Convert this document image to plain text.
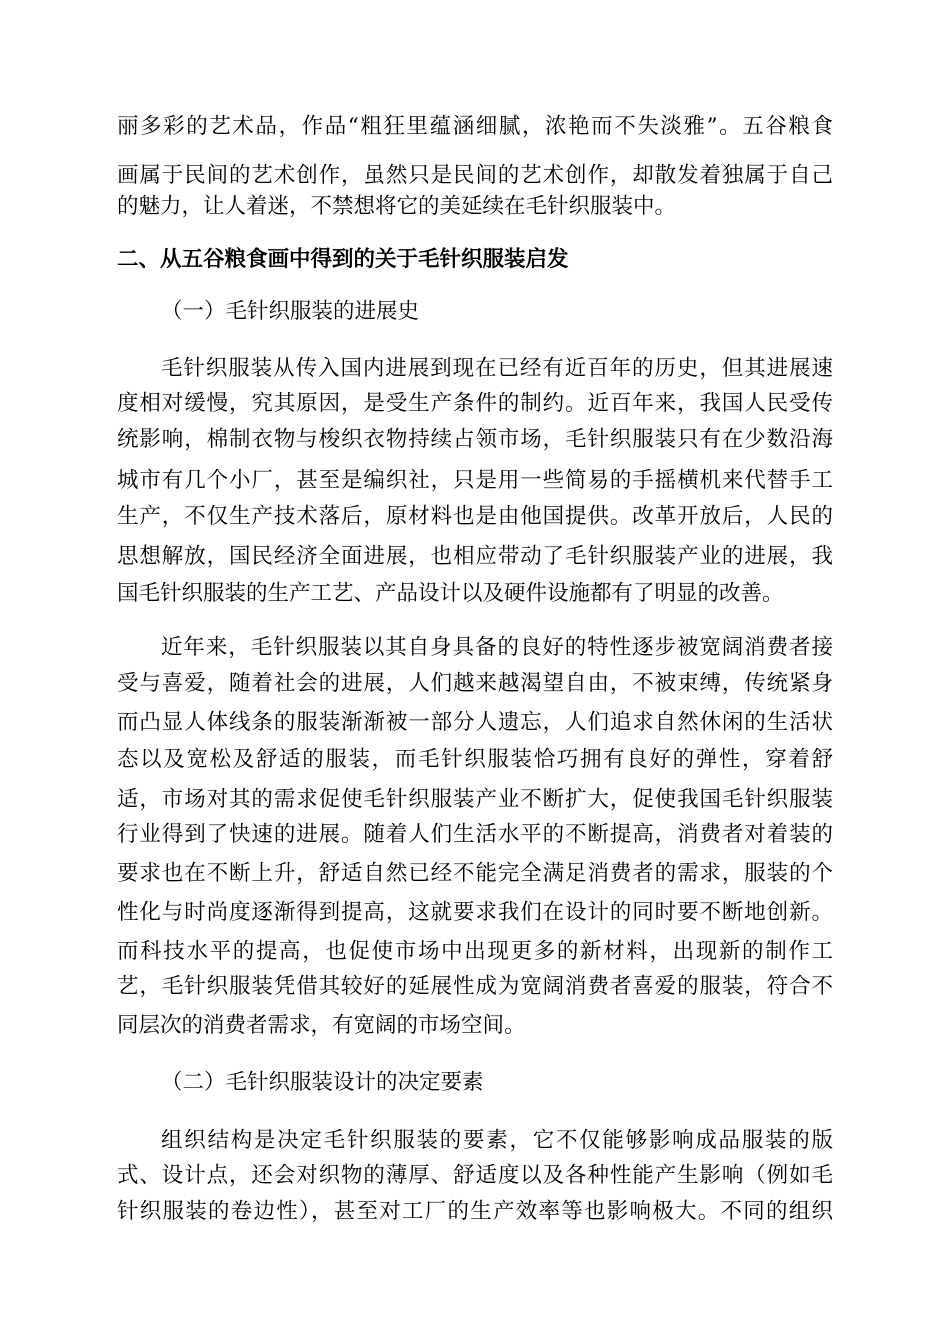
丽多彩的艺术品，作品“粗狂里蕴涵细腻，浓艳而不失淡雅”。五谷粮食
画属于民间的艺术创作，虽然只是民间的艺术创作，却散发着独属于自己
的魅力，让人着迷，不禁想将它的美延续在毛针织服装中。
二、从五谷粮食画中得到的关于毛针织服装启发
（一）毛针织服装的进展史
毛针织服装从传入国内进展到现在已经有近百年的历史，但其进展速
度相对缓慢，究其原因，是受生产条件的制约。近百年来，我国人民受传
统影响，棉制衣物与梭织衣物持续占领市场，毛针织服装只有在少数沿海
城市有几个小厂，甚至是编织社，只是用一些简易的手摇横机来代替手工
生产，不仅生产技术落后，原材料也是由他国提供。改革开放后，人民的
思想解放，国民经济全面进展，也相应带动了毛针织服装产业的进展，我
国毛针织服装的生产工艺、产品设计以及硬件设施都有了明显的改善。
近年来，毛针织服装以其自身具备的良好的特性逐步被宽阔消费者接
受与喜爱，随着社会的进展，人们越来越渴望自由，不被束缚，传统紧身
而凸显人体线条的服装渐渐被一部分人遗忘，人们追求自然休闲的生活状
态以及宽松及舒适的服装，而毛针织服装恰巧拥有良好的弹性，穿着舒
适，市场对其的需求促使毛针织服装产业不断扩大，促使我国毛针织服装
行业得到了快速的进展。随着人们生活水平的不断提高，消费者对着装的
要求也在不断上升，舒适自然已经不能完全满足消费者的需求，服装的个
性化与时尚度逐渐得到提高，这就要求我们在设计的同时要不断地创新。
而科技水平的提高，也促使市场中出现更多的新材料，出现新的制作工
艺，毛针织服装凭借其较好的延展性成为宽阔消费者喜爱的服装，符合不
同层次的消费者需求，有宽阔的市场空间。
（二）毛针织服装设计的决定要素
组织结构是决定毛针织服装的要素，它不仅能够影响成品服装的版
式、设计点，还会对织物的薄厚、舒适度以及各种性能产生影响（例如毛
针织服装的卷边性），甚至对工厂的生产效率等也影响极大。不同的组织
